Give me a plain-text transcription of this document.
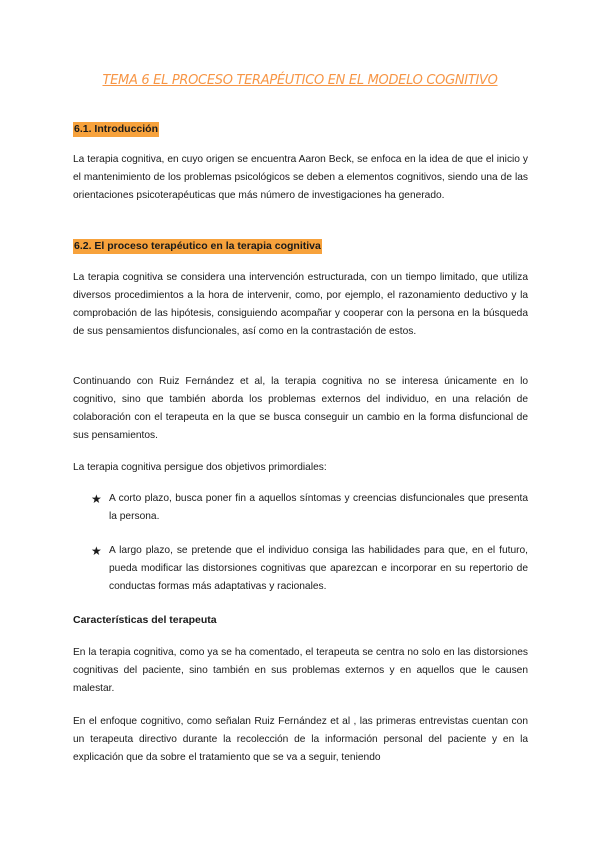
TEMA 6 EL PROCESO TERAPÉUTICO EN EL MODELO COGNITIVO
6.1. Introducción

La terapia cognitiva, en cuyo origen se encuentra Aaron Beck, se enfoca en la idea de que el inicio y el mantenimiento de los problemas psicológicos se deben a elementos cognitivos, siendo una de las orientaciones psicoterapéuticas que más número de investigaciones ha generado.

6.2. El proceso terapéutico en la terapia cognitiva

La terapia cognitiva se considera una intervención estructurada, con un tiempo limitado, que utiliza diversos procedimientos a la hora de intervenir, como, por ejemplo, el razonamiento deductivo y la comprobación de las hipótesis, consiguiendo acompañar y cooperar con la persona en la búsqueda de sus pensamientos disfuncionales, así como en la contrastación de estos.

Continuando con Ruiz Fernández et al, la terapia cognitiva no se interesa únicamente en lo cognitivo, sino que también aborda los problemas externos del individuo, en una relación de colaboración con el terapeuta en la que se busca conseguir un cambio en la forma disfuncional de sus pensamientos.

La terapia cognitiva persigue dos objetivos primordiales:

★ A corto plazo, busca poner fin a aquellos síntomas y creencias disfuncionales que presenta la persona.
★ A largo plazo, se pretende que el individuo consiga las habilidades para que, en el futuro, pueda modificar las distorsiones cognitivas que aparezcan e incorporar en su repertorio de conductas formas más adaptativas y racionales.
Características del terapeuta

En la terapia cognitiva, como ya se ha comentado, el terapeuta se centra no solo en las distorsiones cognitivas del paciente, sino también en sus problemas externos y en aquellos que le causen malestar.

En el enfoque cognitivo, como señalan Ruiz Fernández et al , las primeras entrevistas cuentan con un terapeuta directivo durante la recolección de la información personal del paciente y en la explicación que da sobre el tratamiento que se va a seguir, teniendo
